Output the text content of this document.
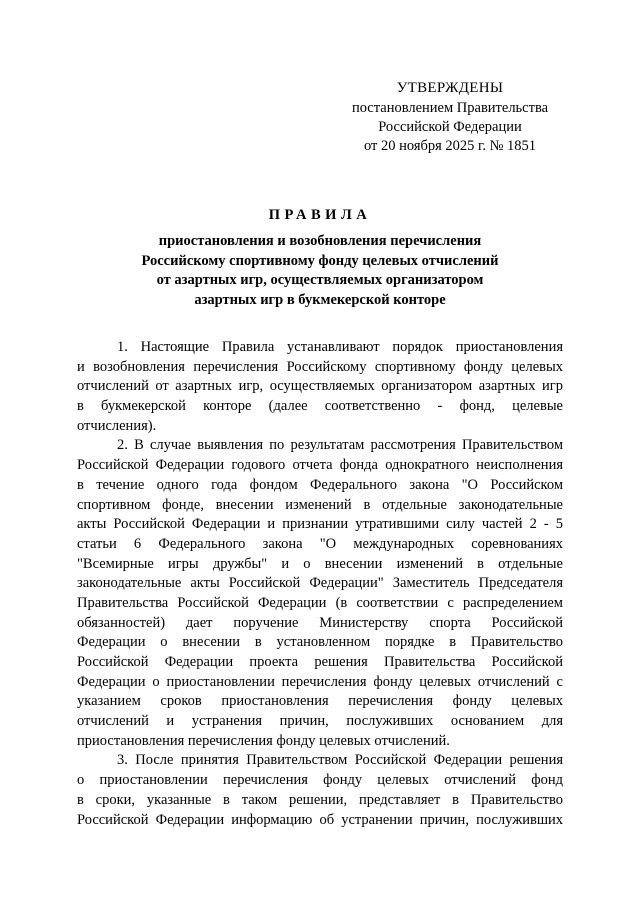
УТВЕРЖДЕНЫ
постановлением Правительства
Российской Федерации
от 20 ноября 2025 г. № 1851
ПРАВИЛА
приостановления и возобновления перечисления
Российскому спортивному фонду целевых отчислений
от азартных игр, осуществляемых организатором
азартных игр в букмекерской конторе
1. Настоящие Правила устанавливают порядок приостановления
и возобновления перечисления Российскому спортивному фонду целевых
отчислений от азартных игр, осуществляемых организатором азартных игр
в букмекерской конторе (далее соответственно - фонд, целевые
отчисления).
2. В случае выявления по результатам рассмотрения Правительством
Российской Федерации годового отчета фонда однократного неисполнения
в течение одного года фондом Федерального закона "О Российском
спортивном фонде, внесении изменений в отдельные законодательные
акты Российской Федерации и признании утратившими силу частей 2 - 5
статьи 6 Федерального закона "О международных соревнованиях
"Всемирные игры дружбы" и о внесении изменений в отдельные
законодательные акты Российской Федерации" Заместитель Председателя
Правительства Российской Федерации (в соответствии с распределением
обязанностей) дает поручение Министерству спорта Российской
Федерации о внесении в установленном порядке в Правительство
Российской Федерации проекта решения Правительства Российской
Федерации о приостановлении перечисления фонду целевых отчислений с
указанием сроков приостановления перечисления фонду целевых
отчислений и устранения причин, послуживших основанием для
приостановления перечисления фонду целевых отчислений.
3. После принятия Правительством Российской Федерации решения
о приостановлении перечисления фонду целевых отчислений фонд
в сроки, указанные в таком решении, представляет в Правительство
Российской Федерации информацию об устранении причин, послуживших
